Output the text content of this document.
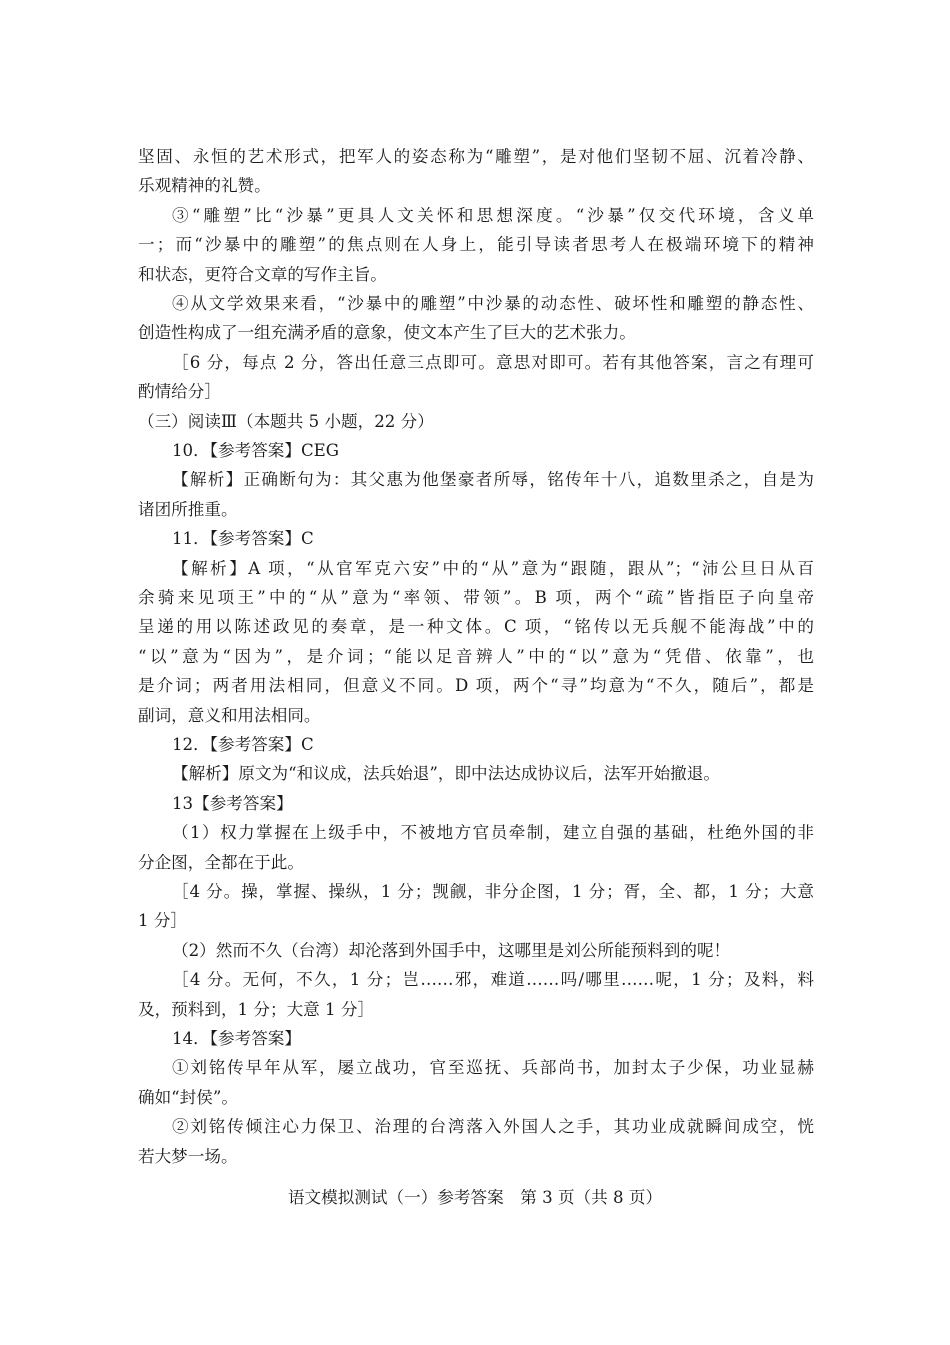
坚固、永恒的艺术形式，把军人的姿态称为“雕塑”，是对他们坚韧不屈、沉着冷静、
乐观精神的礼赞。
③“雕塑”比“沙暴”更具人文关怀和思想深度。“沙暴”仅交代环境，含义单
一；而“沙暴中的雕塑”的焦点则在人身上，能引导读者思考人在极端环境下的精神
和状态，更符合文章的写作主旨。
④从文学效果来看，“沙暴中的雕塑”中沙暴的动态性、破坏性和雕塑的静态性、
创造性构成了一组充满矛盾的意象，使文本产生了巨大的艺术张力。
［6 分，每点 2 分，答出任意三点即可。意思对即可。若有其他答案，言之有理可
酌情给分］
（三）阅读Ⅲ（本题共 5 小题，22 分）
10．【参考答案】CEG
【解析】正确断句为：其父惠为他堡豪者所辱，铭传年十八，追数里杀之，自是为
诸团所推重。
11．【参考答案】C
【解析】A 项，“从官军克六安”中的“从”意为“跟随，跟从”；“沛公旦日从百
余骑来见项王”中的“从”意为“率领、带领”。B 项，两个“疏”皆指臣子向皇帝
呈递的用以陈述政见的奏章，是一种文体。C 项，“铭传以无兵舰不能海战”中的
“以”意为“因为”，是介词；“能以足音辨人”中的“以”意为“凭借、依靠”，也
是介词；两者用法相同，但意义不同。D 项，两个“寻”均意为“不久，随后”，都是
副词，意义和用法相同。
12．【参考答案】C
【解析】原文为“和议成，法兵始退”，即中法达成协议后，法军开始撤退。
13【参考答案】
（1）权力掌握在上级手中，不被地方官员牵制，建立自强的基础，杜绝外国的非
分企图，全都在于此。
［4 分。操，掌握、操纵，1 分；觊觎，非分企图，1 分；胥，全、都，1 分；大意
1 分］
（2）然而不久（台湾）却沦落到外国手中，这哪里是刘公所能预料到的呢！
［4 分。无何，不久，1 分；岂……邪，难道……吗/哪里……呢，1 分；及料，料
及，预料到，1 分；大意 1 分］
14．【参考答案】
①刘铭传早年从军，屡立战功，官至巡抚、兵部尚书，加封太子少保，功业显赫
确如“封侯”。
②刘铭传倾注心力保卫、治理的台湾落入外国人之手，其功业成就瞬间成空，恍
若大梦一场。
语文模拟测试（一）参考答案　第 3 页（共 8 页）
